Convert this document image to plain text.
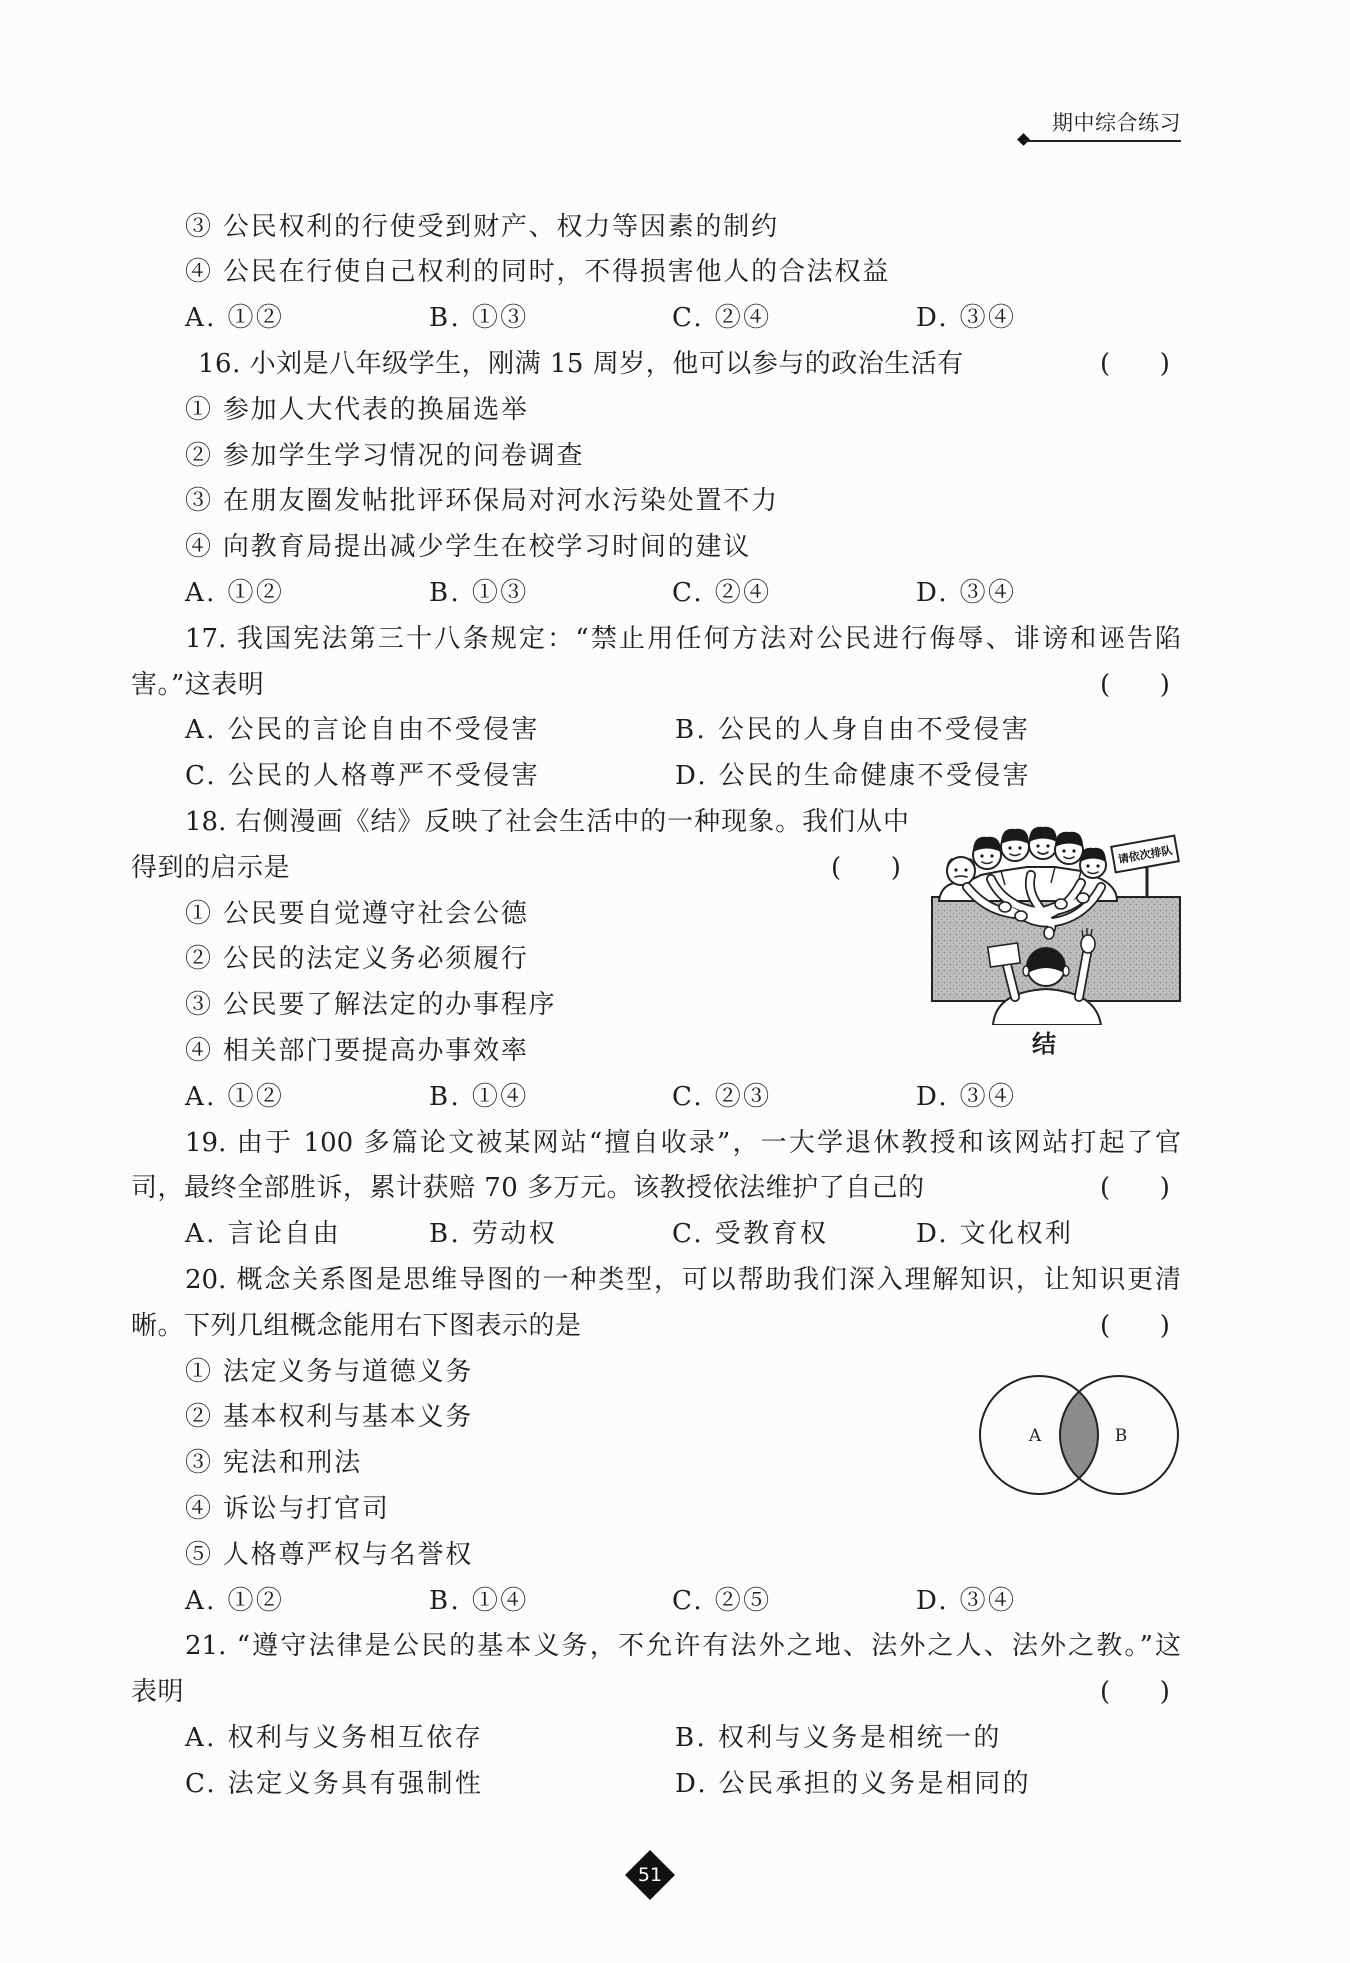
期中综合练习
③ 公民权利的行使受到财产、权力等因素的制约
④ 公民在行使自己权利的同时，不得损害他人的合法权益
A. ①②	B. ①③	C. ②④	D. ③④
16. 小刘是八年级学生，刚满 15 周岁，他可以参与的政治生活有	(      )
① 参加人大代表的换届选举
② 参加学生学习情况的问卷调查
③ 在朋友圈发帖批评环保局对河水污染处置不力
④ 向教育局提出减少学生在校学习时间的建议
A. ①②	B. ①③	C. ②④	D. ③④
17. 我国宪法第三十八条规定：“禁止用任何方法对公民进行侮辱、诽谤和诬告陷
害。”这表明	(      )
A. 公民的言论自由不受侵害	B. 公民的人身自由不受侵害
C. 公民的人格尊严不受侵害	D. 公民的生命健康不受侵害
18. 右侧漫画《结》反映了社会生活中的一种现象。我们从中
得到的启示是	(      )
① 公民要自觉遵守社会公德
② 公民的法定义务必须履行
③ 公民要了解法定的办事程序
④ 相关部门要提高办事效率
A. ①②	B. ①④	C. ②③	D. ③④
19. 由于 100 多篇论文被某网站“擅自收录”，一大学退休教授和该网站打起了官
司，最终全部胜诉，累计获赔 70 多万元。该教授依法维护了自己的	(      )
A. 言论自由	B. 劳动权	C. 受教育权	D. 文化权利
20. 概念关系图是思维导图的一种类型，可以帮助我们深入理解知识，让知识更清
晰。下列几组概念能用右下图表示的是	(      )
① 法定义务与道德义务
② 基本权利与基本义务
③ 宪法和刑法
④ 诉讼与打官司
⑤ 人格尊严权与名誉权
A. ①②	B. ①④	C. ②⑤	D. ③④
21. “遵守法律是公民的基本义务，不允许有法外之地、法外之人、法外之教。”这
表明	(      )
A. 权利与义务相互依存	B. 权利与义务是相统一的
C. 法定义务具有强制性	D. 公民承担的义务是相同的
请依次排队
结
A	B
51
